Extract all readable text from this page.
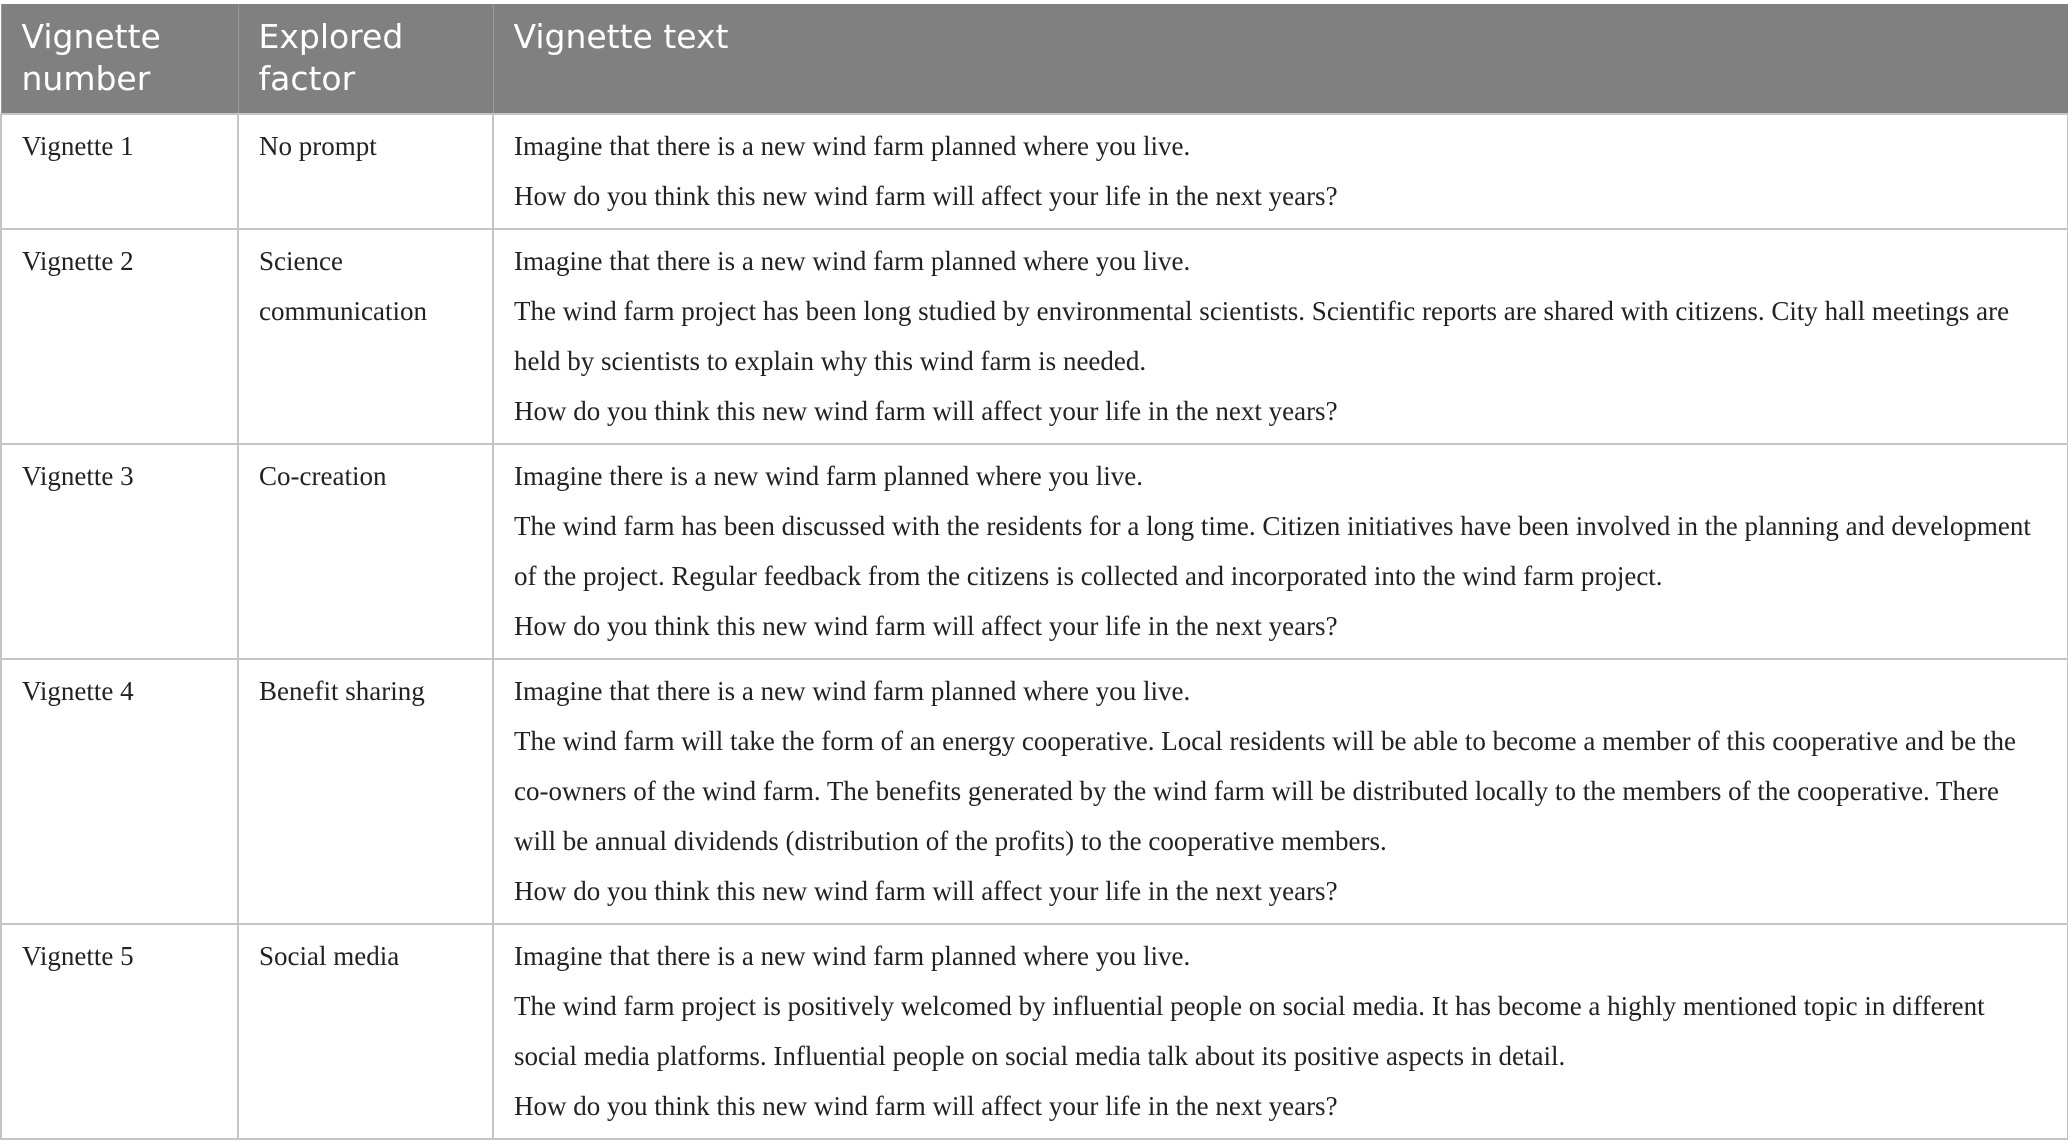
Vignette number	Explored factor	Vignette text
Vignette 1	No prompt	Imagine that there is a new wind farm planned where you live.
How do you think this new wind farm will affect your life in the next years?

Vignette 2	Science communication	Imagine that there is a new wind farm planned where you live.
The wind farm project has been long studied by environmental scientists. Scientific reports are shared with citizens. City hall meetings are held by scientists to explain why this wind farm is needed.
How do you think this new wind farm will affect your life in the next years?

Vignette 3	Co-creation	Imagine there is a new wind farm planned where you live.
The wind farm has been discussed with the residents for a long time. Citizen initiatives have been involved in the planning and development of the project. Regular feedback from the citizens is collected and incorporated into the wind farm project.
How do you think this new wind farm will affect your life in the next years?

Vignette 4	Benefit sharing	Imagine that there is a new wind farm planned where you live.
The wind farm will take the form of an energy cooperative. Local residents will be able to become a member of this cooperative and be the co-owners of the wind farm. The benefits generated by the wind farm will be distributed locally to the members of the cooperative. There will be annual dividends (distribution of the profits) to the cooperative members.
How do you think this new wind farm will affect your life in the next years?

Vignette 5	Social media	Imagine that there is a new wind farm planned where you live.
The wind farm project is positively welcomed by influential people on social media. It has become a highly mentioned topic in different social media platforms. Influential people on social media talk about its positive aspects in detail.
How do you think this new wind farm will affect your life in the next years?
